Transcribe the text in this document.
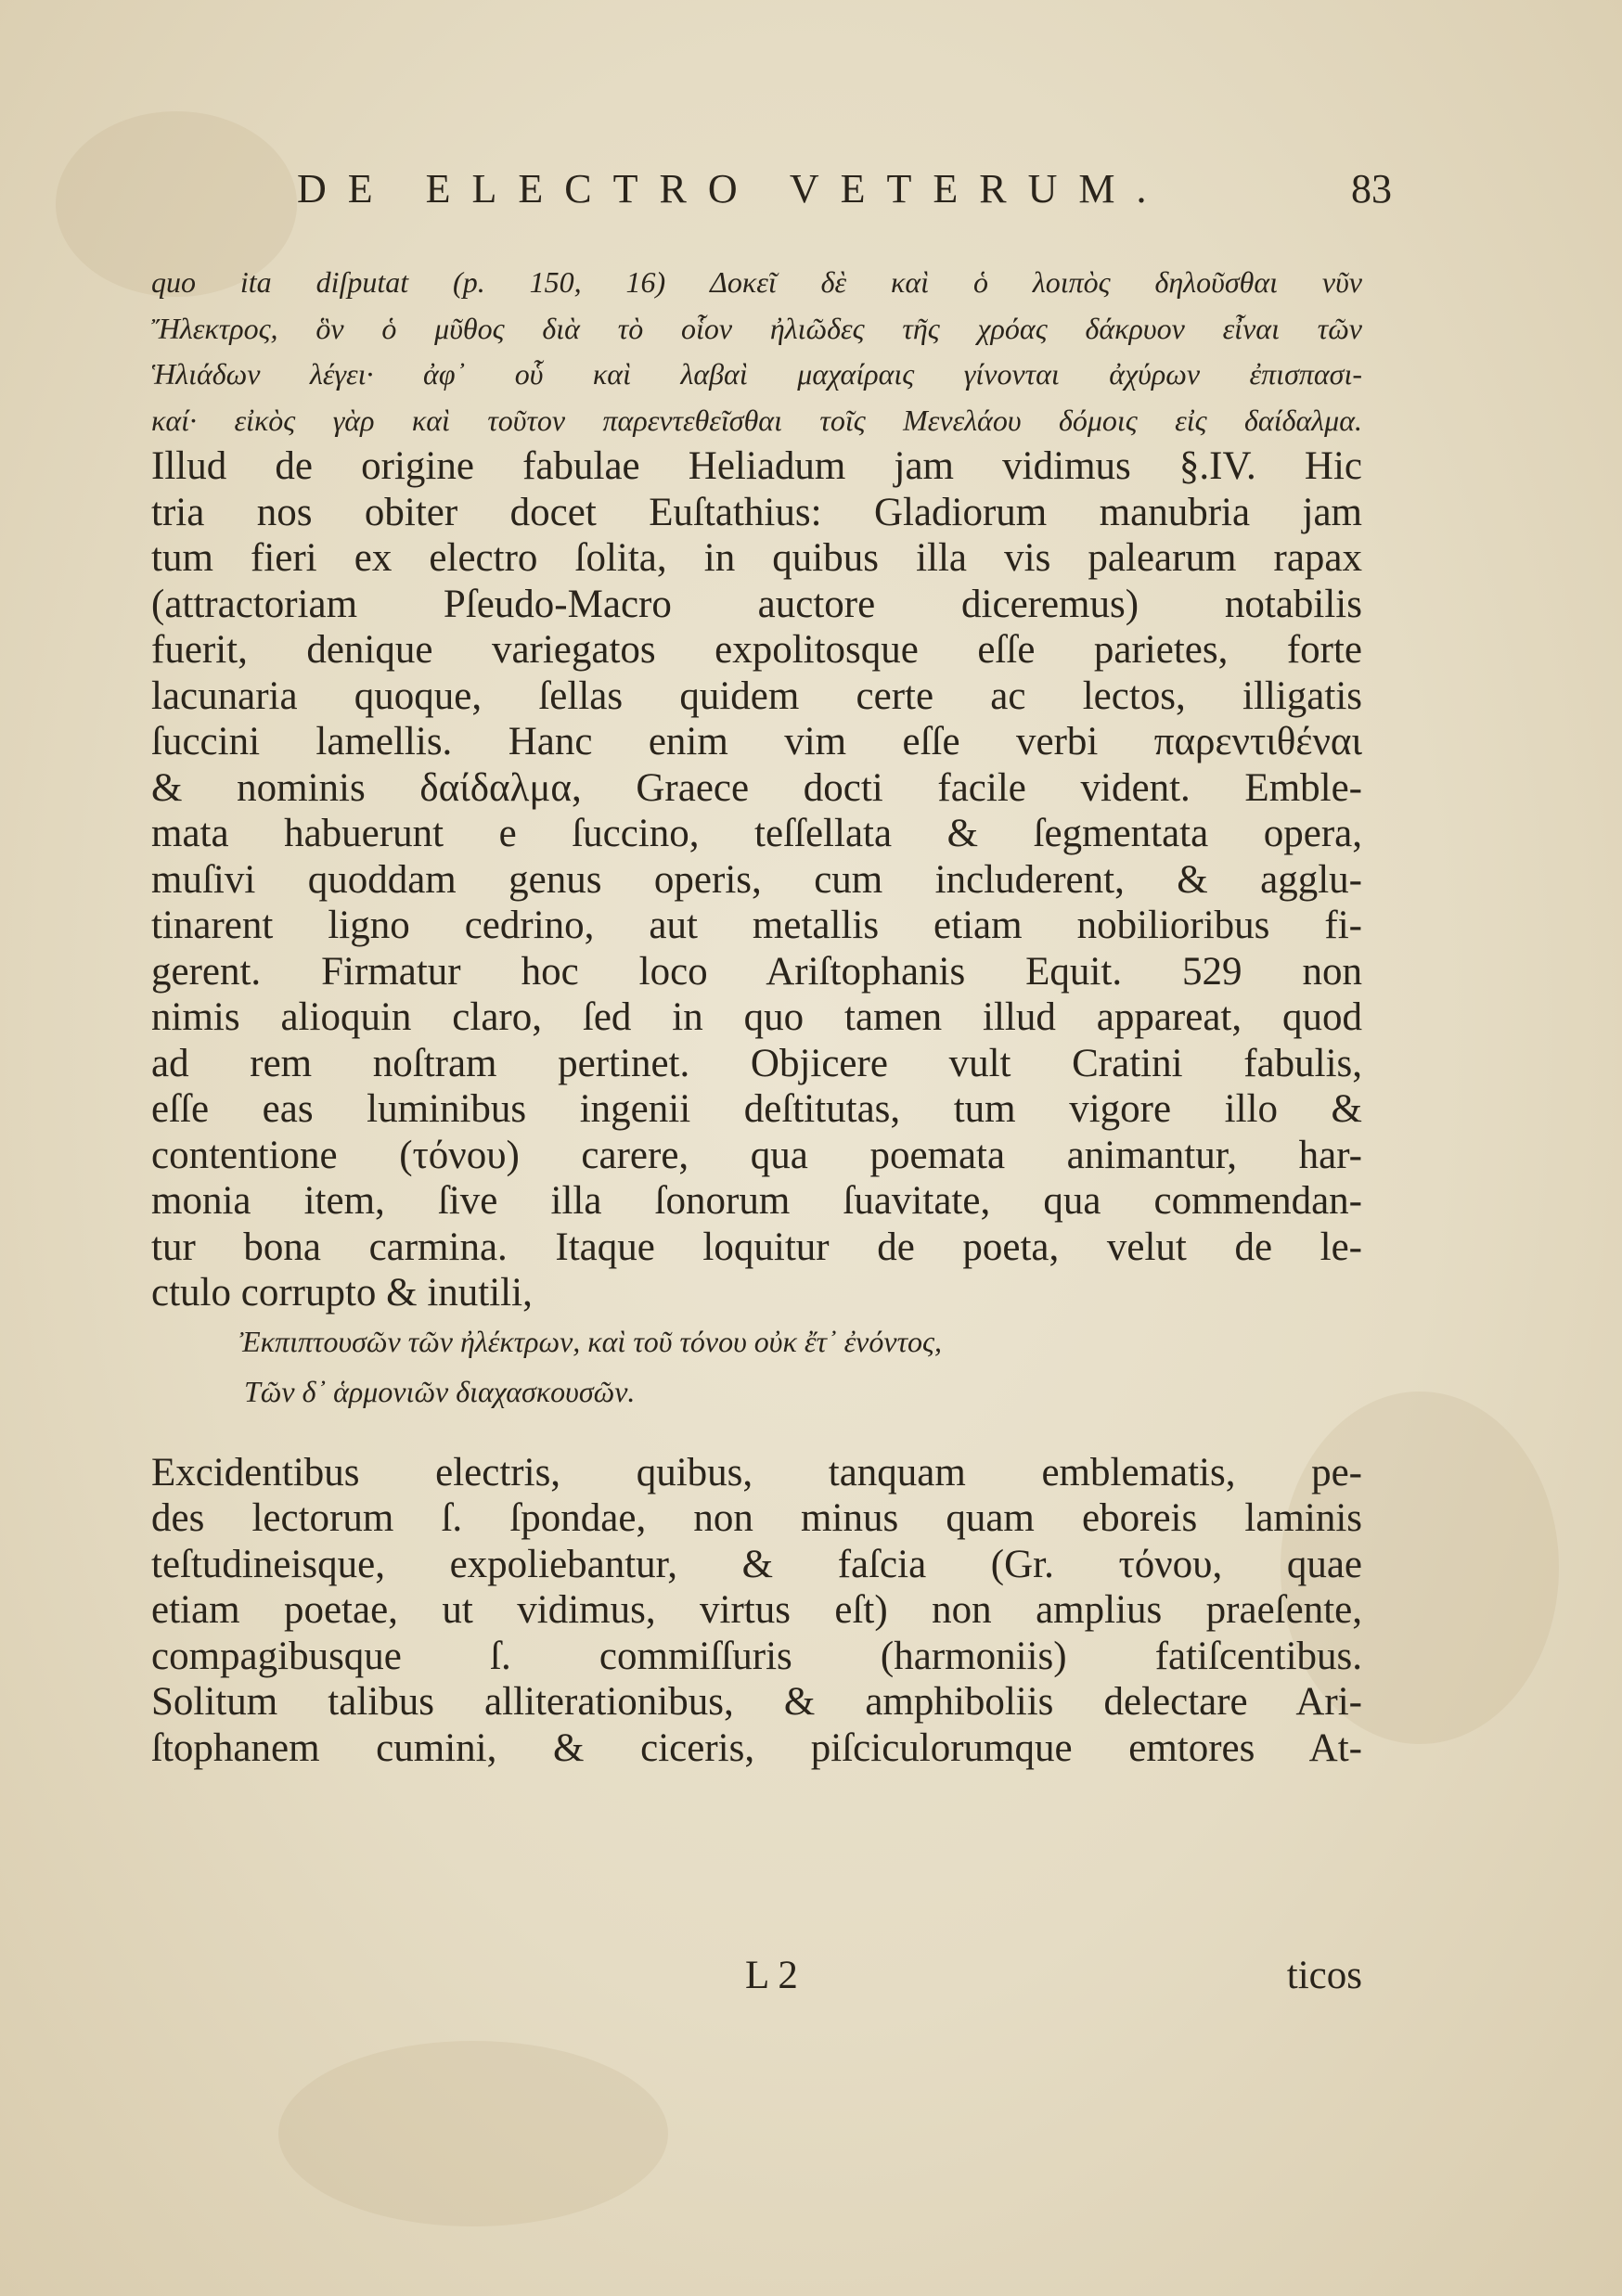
DE ELECTRO VETERUM.	83
quo ita diſputat (p. 150, 16) Δοκεῖ δὲ καὶ ὁ λοιπὸς δηλοῦσθαι νῦν
Ἤλεκτρος, ὃν ὁ μῦθος διὰ τὸ οἷον ἠλιῶδες τῆς χρόας δάκρυον εἶναι τῶν
Ἡλιάδων λέγει· ἀφ᾽ οὗ καὶ λαβαὶ μαχαίραις γίνονται ἀχύρων ἐπισπασι-
καί· εἰκὸς γὰρ καὶ τοῦτον παρεντεθεῖσθαι τοῖς Μενελάου δόμοις εἰς δαίδαλμα.
Illud de origine fabulae Heliadum jam vidimus §.IV. Hic
tria nos obiter docet Euſtathius: Gladiorum manubria jam
tum fieri ex electro ſolita, in quibus illa vis palearum rapax
(attractoriam Pſeudo-Macro auctore diceremus) notabilis
fuerit, denique variegatos expolitosque eſſe parietes, forte
lacunaria quoque, ſellas quidem certe ac lectos, illigatis
ſuccini lamellis. Hanc enim vim eſſe verbi παρεντιθέναι
& nominis δαίδαλμα, Graece docti facile vident. Emble-
mata habuerunt e ſuccino, teſſellata & ſegmentata opera,
muſivi quoddam genus operis, cum includerent, & agglu-
tinarent ligno cedrino, aut metallis etiam nobilioribus fi-
gerent. Firmatur hoc loco Ariſtophanis Equit. 529 non
nimis alioquin claro, ſed in quo tamen illud appareat, quod
ad rem noſtram pertinet. Objicere vult Cratini fabulis,
eſſe eas luminibus ingenii deſtitutas, tum vigore illo &
contentione (τόνου) carere, qua poemata animantur, har-
monia item, ſive illa ſonorum ſuavitate, qua commendan-
tur bona carmina. Itaque loquitur de poeta, velut de le-
ctulo corrupto & inutili,
Ἐκπιπτουσῶν τῶν ἠλέκτρων, καὶ τοῦ τόνου οὐκ ἔτ᾽ ἐνόντος,
Τῶν δ᾽ ἁρμονιῶν διαχασκουσῶν.
Excidentibus electris, quibus, tanquam emblematis, pe-
des lectorum ſ. ſpondae, non minus quam eboreis laminis
teſtudineisque, expoliebantur, & faſcia (Gr. τόνου, quae
etiam poetae, ut vidimus, virtus eſt) non amplius praeſente,
compagibusque ſ. commiſſuris (harmoniis) fatiſcentibus.
Solitum talibus alliterationibus, & amphiboliis delectare Ari-
ſtophanem cumini, & ciceris, piſciculorumque emtores At-
L 2	ticos
